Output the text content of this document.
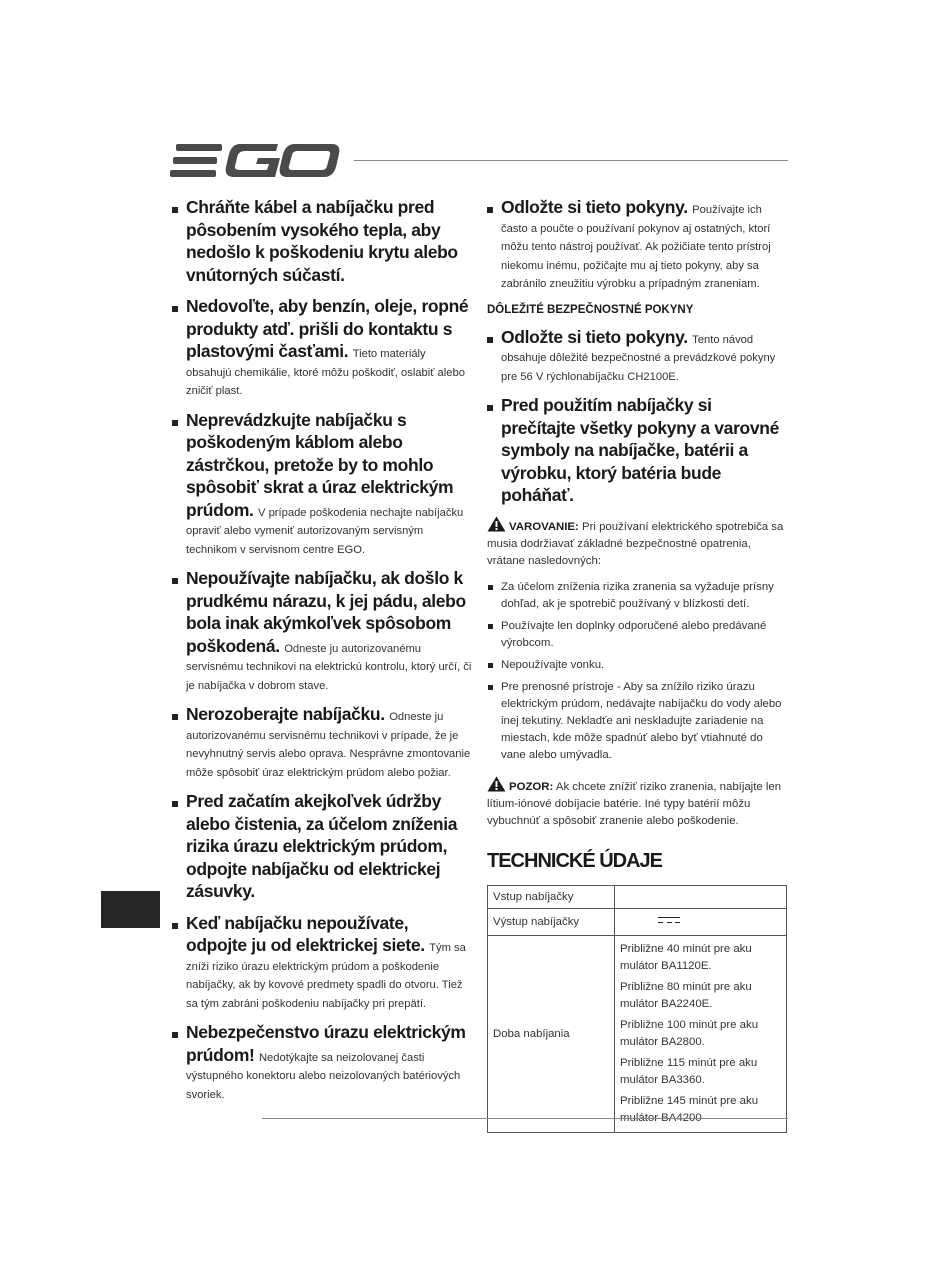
Chráňte kábel a nabíjačku pred pôsobením vysokého tepla, aby nedošlo k poškodeniu krytu alebo vnútorných súčastí.
Nedovoľte, aby benzín, oleje, ropné produkty atď. prišli do kontaktu s plastovými časťami. Tieto materiály obsahujú chemikálie, ktoré môžu poškodiť, oslabiť alebo zničiť plast.
Neprevádzkujte nabíjačku s poškodeným káblom alebo zástrčkou, pretože by to mohlo spôsobiť skrat a úraz elektrickým prúdom. V prípade poškodenia nechajte nabíjačku opraviť alebo vymeniť autorizovaným servisným technikom v servisnom centre EGO.
Nepoužívajte nabíjačku, ak došlo k prudkému nárazu, k jej pádu, alebo bola inak akýmkoľvek spôsobom poškodená. Odneste ju autorizovanému servisnému technikovi na elektrickú kontrolu, ktorý určí, či je nabíjačka v dobrom stave.
Nerozoberajte nabíjačku. Odneste ju autorizovanému servisnému technikovi v prípade, že je nevyhnutný servis alebo oprava. Nesprávne zmontovanie môže spôsobiť úraz elektrickým prúdom alebo požiar.
Pred začatím akejkoľvek údržby alebo čistenia, za účelom zníženia rizika úrazu elektrickým prúdom, odpojte nabíjačku od elektrickej zásuvky.
Keď nabíjačku nepoužívate, odpojte ju od elektrickej siete. Tým sa zníži riziko úrazu elektrickým prúdom a poškodenie nabíjačky, ak by kovové predmety spadli do otvoru. Tiež sa tým zabráni poškodeniu nabíjačky pri prepätí.
Nebezpečenstvo úrazu elektrickým prúdom! Nedotýkajte sa neizolovanej časti výstupného konektoru alebo neizolovaných batériových svoriek.
Odložte si tieto pokyny. Používajte ich často a poučte o používaní pokynov aj ostatných, ktorí môžu tento nástroj používať. Ak požičiate tento prístroj niekomu inému, požičajte mu aj tieto pokyny, aby sa zabránilo zneužitiu výrobku a prípadným zraneniam.
DÔLEŽITÉ BEZPEČNOSTNÉ POKYNY
Odložte si tieto pokyny. Tento návod obsahuje dôležité bezpečnostné a prevádzkové pokyny pre 56 V rýchlonabíjačku CH2100E.
Pred použitím nabíjačky si prečítajte všetky pokyny a varovné symboly na nabíjačke, batérii a výrobku, ktorý batéria bude poháňať.
VAROVANIE: Pri používaní elektrického spotrebiča sa musia dodržiavať základné bezpečnostné opatrenia, vrátane nasledovných:
Za účelom zníženia rizika zranenia sa vyžaduje prísny dohľad, ak je spotrebič používaný v blízkosti detí.
Používajte len doplnky odporučené alebo predávané výrobcom.
Nepoužívajte vonku.
Pre prenosné prístroje - Aby sa znížilo riziko úrazu elektrickým prúdom, nedávajte nabíjačku do vody alebo inej tekutiny. Nekladťe ani neskladujte zariadenie na miestach, kde môže spadnúť alebo byť vtiahnuté do vane alebo umývadla.
POZOR: Ak chcete znížiť riziko zranenia, nabíjajte len lítium-iónové dobíjacie batérie. Iné typy batérií môžu vybuchnúť a spôsobiť zranenie alebo poškodenie.
TECHNICKÉ ÚDAJE
Vstup nabíjačky	
Výstup nabíjačky	

Doba nabíjania	Približne 40 minút pre aku mulátor BA1120E.
Približne 80 minút pre aku mulátor BA2240E.
Približne 100 minút pre aku mulátor BA2800.
Približne 115 minút pre aku mulátor BA3360.
Približne 145 minút pre aku mulátor BA4200
